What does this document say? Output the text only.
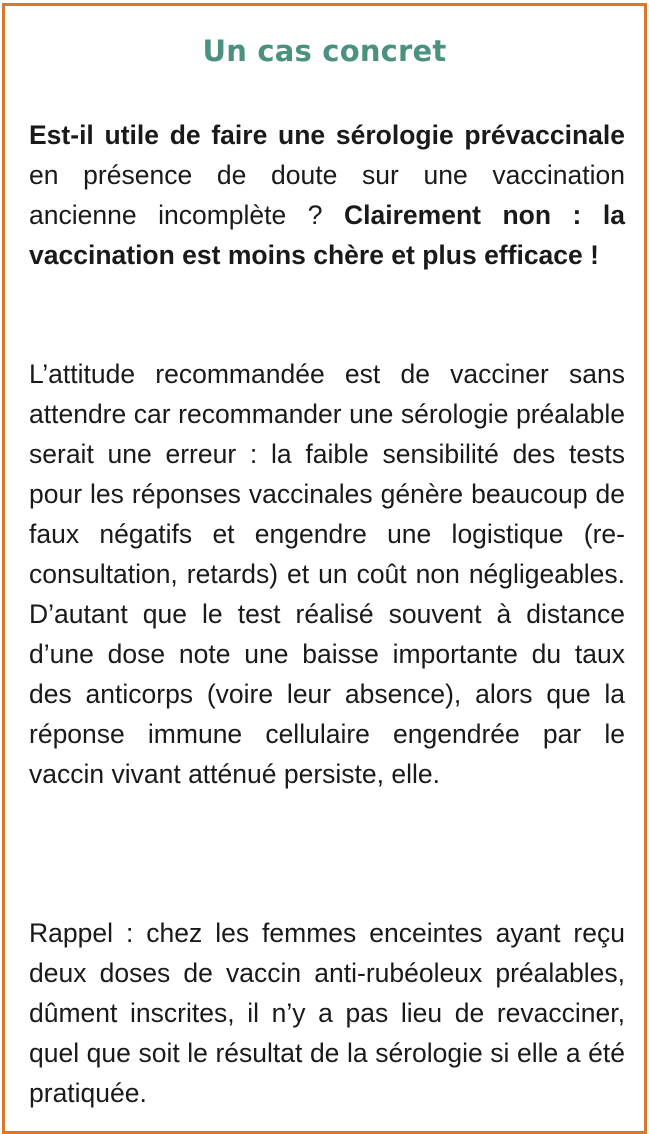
Un cas concret
Est-il utile de faire une sérologie prévaccinale en présence de doute sur une vaccination ancienne incomplète ? Clairement non : la vaccination est moins chère et plus efficace !
L’attitude recommandée est de vacciner sans attendre car recommander une sérologie préalable serait une erreur : la faible sensibilité des tests pour les réponses vaccinales génère beaucoup de faux négatifs et engendre une logistique (re-consultation, retards) et un coût non négligeables. D’autant que le test réalisé souvent à distance d’une dose note une baisse importante du taux des anticorps (voire leur absence), alors que la réponse immune cellulaire engendrée par le vaccin vivant atténué persiste, elle.
Rappel : chez les femmes enceintes ayant reçu deux doses de vaccin anti-rubéoleux préalables, dûment inscrites, il n’y a pas lieu de revacciner, quel que soit le résultat de la sérologie si elle a été pratiquée.
